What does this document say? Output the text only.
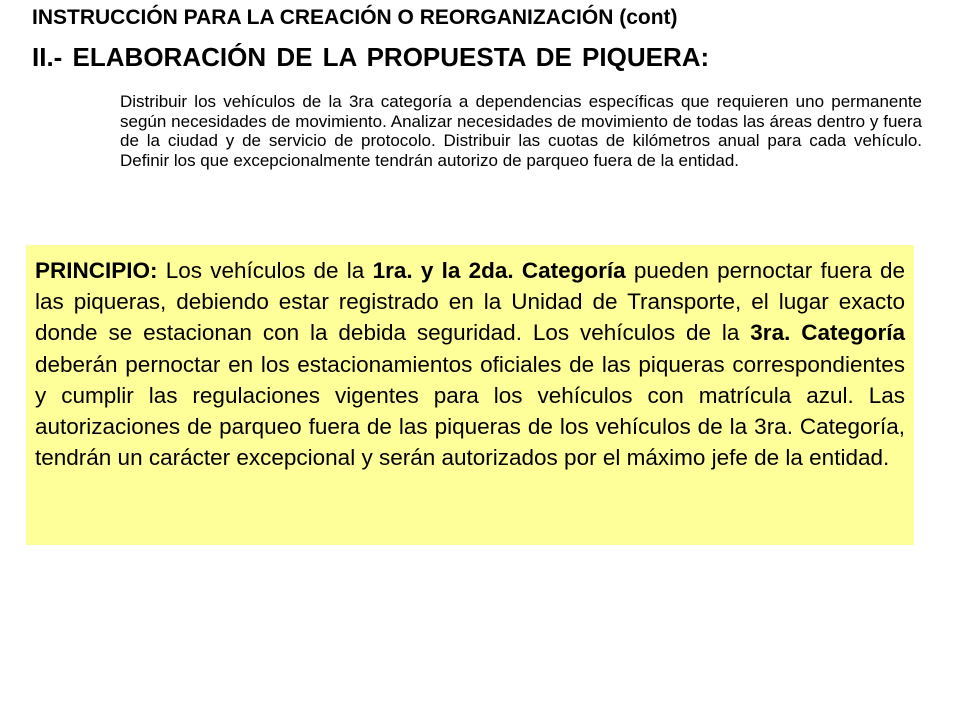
INSTRUCCIÓN PARA LA CREACIÓN O REORGANIZACIÓN (cont)
II.- ELABORACIÓN DE LA PROPUESTA DE PIQUERA:
Distribuir los vehículos de la 3ra categoría a dependencias específicas que requieren uno permanente según necesidades de movimiento. Analizar necesidades de movimiento de todas las áreas dentro y fuera de la ciudad y de servicio de protocolo. Distribuir las cuotas de kilómetros anual para cada vehículo. Definir los que excepcionalmente tendrán autorizo de parqueo fuera de la entidad.

PRINCIPIO: Los vehículos de la 1ra. y la 2da. Categoría pueden pernoctar fuera de las piqueras, debiendo estar registrado en la Unidad de Transporte, el lugar exacto donde se estacionan con la debida seguridad. Los vehículos de la 3ra. Categoría deberán pernoctar en los estacionamientos oficiales de las piqueras correspondientes y cumplir las regulaciones vigentes para los vehículos con matrícula azul. Las autorizaciones de parqueo fuera de las piqueras de los vehículos de la 3ra. Categoría, tendrán un carácter excepcional y serán autorizados por el máximo jefe de la entidad.
